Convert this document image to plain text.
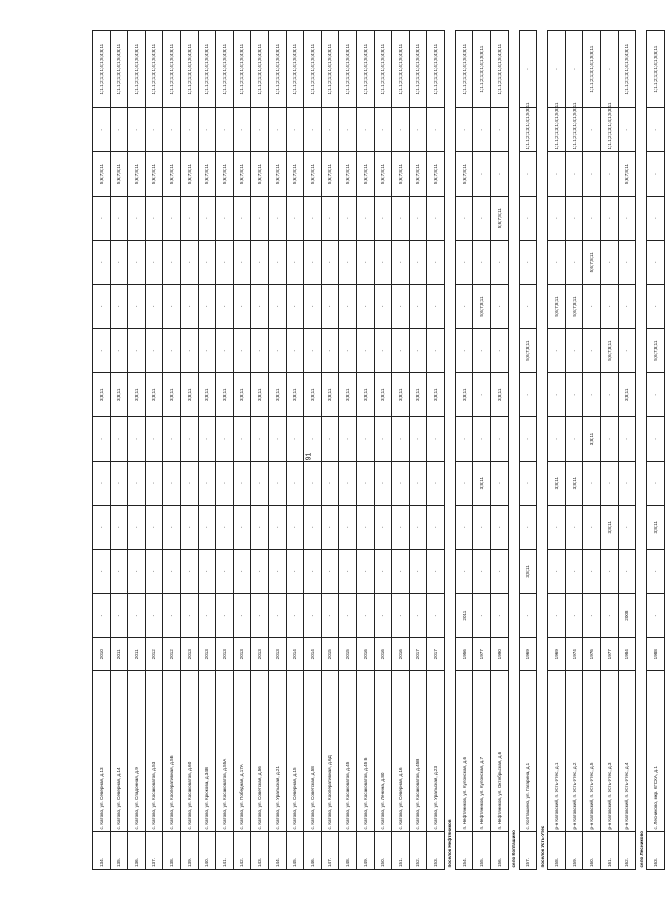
91
134.	с. Катово, ул. Северная, д.13	2010	-	-	-	-	-	3;8;11	-	-	-	-	5;6;7;8;11	-	1;1.1;2;1;3;1;4;1;5;4;8;11
135.	с. Катово, ул. Северная, д.14	2011	-	-	-	-	-	3;8;11	-	-	-	-	5;6;7;8;11	-	1;1.1;2;1;3;1;4;1;5;4;8;11
136.	с. Катово, ул. Спадонная, д.9	2011	-	-	-	-	-	3;8;11	-	-	-	-	5;6;7;8;11	-	1;1.1;2;1;3;1;4;1;5;4;8;11
137.	с. Катово, ул. Косаковатов, д.53	2012	-	-	-	-	-	3;8;11	-	-	-	-	5;6;7;8;11	-	1;1.1;2;1;3;1;4;1;5;4;8;11
138.	с. Катово, ул. Кооперативная, д.5Б	2012	-	-	-	-	-	3;8;11	-	-	-	-	5;6;7;8;11	-	1;1.1;2;1;3;1;4;1;5;4;8;11
139.	с. Катово, ул. Косаковатов, д.60	2013	-	-	-	-	-	3;8;11	-	-	-	-	5;6;7;8;11	-	1;1.1;2;1;3;1;4;1;5;4;8;11
140.	с. Катово, ул. Крюкова, д.34В	2013	-	-	-	-	-	3;8;11	-	-	-	-	5;6;7;8;11	-	1;1.1;2;1;3;1;4;1;5;4;8;11
141.	с. Катово, ул. Косаковатов, д.55А	2013	-	-	-	-	-	3;8;11	-	-	-	-	5;6;7;8;11	-	1;1.1;2;1;3;1;4;1;5;4;8;11
142.	с. Катово, ул. Победная, д.17А	2013	-	-	-	-	-	3;8;11	-	-	-	-	5;6;7;8;11	-	1;1.1;2;1;3;1;4;1;5;4;8;11
143.	с. Катово, ул. Советская, д.56	2013	-	-	-	-	-	3;8;11	-	-	-	-	5;6;7;8;11	-	1;1.1;2;1;3;1;4;1;5;4;8;11
144.	с. Катово, ул. Уральская, д.21	2013	-	-	-	-	-	3;8;11	-	-	-	-	5;6;7;8;11	-	1;1.1;2;1;3;1;4;1;5;4;8;11
145.	с. Катово, ул. Северная, д.15	2014	-	-	-	-	-	3;8;11	-	-	-	-	5;6;7;8;11	-	1;1.1;2;1;3;1;4;1;5;4;8;11
146.	с. Катово, ул. Советская, д.58	2014	-	-	-	-	-	3;8;11	-	-	-	-	5;6;7;8;11	-	1;1.1;2;1;3;1;4;1;5;4;8;11
147.	с. Катово, ул. Кооперативная, д.6Д	2015	-	-	-	-	-	3;8;11	-	-	-	-	5;6;7;8;11	-	1;1.1;2;1;3;1;4;1;5;4;8;11
148.	с. Катово, ул. Косаковатов, д.45	2015	-	-	-	-	-	3;8;11	-	-	-	-	5;6;7;8;11	-	1;1.1;2;1;3;1;4;1;5;4;8;11
149.	с. Катово, ул. Косаковатов, д.45 Б	2016	-	-	-	-	-	3;8;11	-	-	-	-	5;6;7;8;11	-	1;1.1;2;1;3;1;4;1;5;4;8;11
150.	с. Катово, ул. Ленина, д.80	2016	-	-	-	-	-	3;8;11	-	-	-	-	5;6;7;8;11	-	1;1.1;2;1;3;1;4;1;5;4;8;11
151.	с. Катово, ул. Северная, д.16	2016	-	-	-	-	-	3;8;11	-	-	-	-	5;6;7;8;11	-	1;1.1;2;1;3;1;4;1;5;4;8;11
152.	с. Катово, ул. Косаковатов, д.45В	2017	-	-	-	-	-	3;8;11	-	-	-	-	5;6;7;8;11	-	1;1.1;2;1;3;1;4;1;5;4;8;11
153.	с. Катово, ул. Уральская, д.23	2017	-	-	-	-	-	3;8;11	-	-	-	-	5;6;7;8;11	-	1;1.1;2;1;3;1;4;1;5;4;8;11
поселок Нефтяников															
154.	п. Нефтяников, ул. Кулонская, д.6	1956	2011	-	-	-	-	3;8;11	-	-	-	-	5;6;7;8;11	-	1;1.1;2;1;3;1;4;1;5;4;8;11
155.	п. Нефтяников, ул. Кулонская, д.7	1977	-	-	-	3;8;11	-	-	-	5;6;7;8;11	-	-	-	-	1;1.1;2;1;3;1;4;1;5;8;11
156.	п. Нефтяников, ул. Октябрьская, д.6	1990	-	-	-	-	-	3;8;11	-	-	-	5;6;7;8;11	-	-	1;1.1;2;1;3;1;4;1;5;4;8;11
село Копташино															
157.	с. Копташино, ул. Гагарина, д.1	1969	-	3;8;11	-	-	-	-	5;6;7;8;11	-	-	-	-	1;1.1;2;1;3;1;4;1;5;8;11	-
поселок Усть-Утес															
158.	р-н Катовский, п. Усть-Утес, д.1	1969	-	-	-	3;8;11	-	-	-	5;6;7;8;11	-	-	-	1;1.1;2;1;3;1;4;1;5;8;11	-
159.	р-н Катовский, п. Усть-Утес, д.2	1974	-	-	-	3;8;11	-	-	-	5;6;7;8;11	-	-	-	1;1.1;2;1;3;1;4;1;5;8;11	-
160.	р-н Катовский, п. Усть-Утес, д.5	1976	-	-	-	-	3;8;11	-	-	-	5;6;7;8;11	-	-	-	1;1.1;2;1;3;1;4;1;5;8;11
161.	р-н Катовский, п. Усть-Утес, д.3	1977	-	-	3;8;11	-	-	-	5;6;7;8;11	-	-	-	-	1;1.1;2;1;3;1;4;1;5;8;11	-
162.	р-н Катовский, п. Усть-Утес, д.4	1984	2008	-	-	-	-	3;8;11	-	-	-	-	5;6;7;8;11	-	1;1.1;2;1;3;1;4;1;5;4;8;11
село Лесниково															
163.	с. Лесниково, мкр. КГСХА, д.1	1988	-	-	3;8;11	-	-	-	5;6;7;8;11	-	-	-	-	-	1;1.1;2;1;3;1;4;1;5;8;11
